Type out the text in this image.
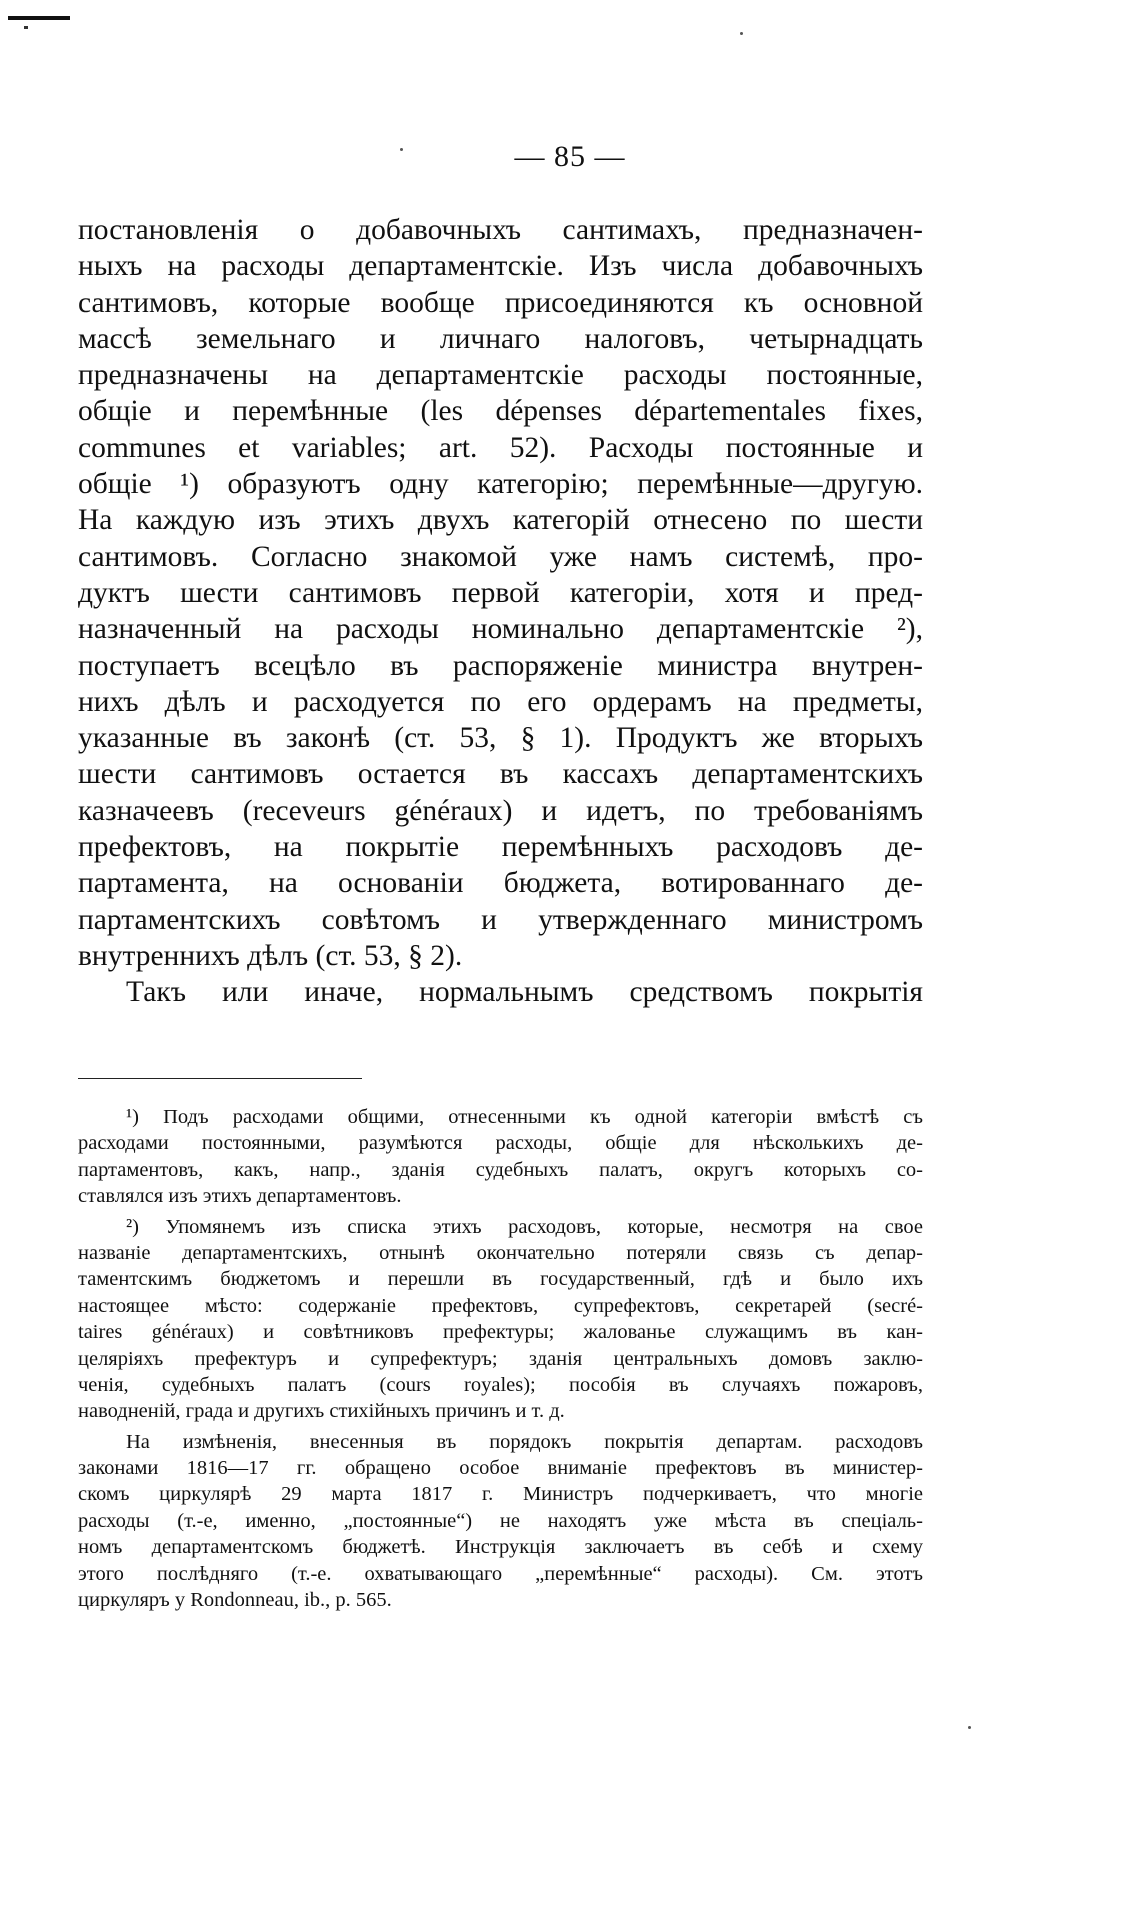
— 85 —
постановленія о добавочныхъ сантимахъ, предназначен-
ныхъ на расходы департаментскіе. Изъ числа добавочныхъ
сантимовъ, которые вообще присоединяются къ основной
массѣ земельнаго и личнаго налоговъ, четырнадцать
предназначены на департаментскіе расходы постоянные,
общіе и перемѣнные (les dépenses départementales fixes,
communes et variables; art. 52). Расходы постоянные и
общіе ¹) образуютъ одну категорію; перемѣнные—другую.
На каждую изъ этихъ двухъ категорій отнесено по шести
сантимовъ. Согласно знакомой уже намъ системѣ, про-
дуктъ шести сантимовъ первой категоріи, хотя и пред-
назначенный на расходы номинально департаментскіе ²),
поступаетъ всецѣло въ распоряженіе министра внутрен-
нихъ дѣлъ и расходуется по его ордерамъ на предметы,
указанные въ законѣ (ст. 53, § 1). Продуктъ же вторыхъ
шести сантимовъ остается въ кассахъ департаментскихъ
казначеевъ (receveurs généraux) и идетъ, по требованіямъ
префектовъ, на покрытіе перемѣнныхъ расходовъ де-
партамента, на основаніи бюджета, вотированнаго де-
партаментскихъ совѣтомъ и утвержденнаго министромъ
внутреннихъ дѣлъ (ст. 53, § 2).
Такъ или иначе, нормальнымъ средствомъ покрытія
¹) Подъ расходами общими, отнесенными къ одной категоріи вмѣстѣ съ
расходами постоянными, разумѣются расходы, общіе для нѣсколькихъ де-
партаментовъ, какъ, напр., зданія судебныхъ палатъ, округъ которыхъ со-
ставлялся изъ этихъ департаментовъ.
²) Упомянемъ изъ списка этихъ расходовъ, которые, несмотря на свое
названіе департаментскихъ, отнынѣ окончательно потеряли связь съ депар-
таментскимъ бюджетомъ и перешли въ государственный, гдѣ и было ихъ
настоящее мѣсто: содержаніе префектовъ, супрефектовъ, секретарей (secré-
taires généraux) и совѣтниковъ префектуры; жалованье служащимъ въ кан-
целяріяхъ префектуръ и супрефектуръ; зданія центральныхъ домовъ заклю-
ченія, судебныхъ палатъ (cours royales); пособія въ случаяхъ пожаровъ,
наводненій, града и другихъ стихійныхъ причинъ и т. д.
На измѣненія, внесенныя въ порядокъ покрытія департам. расходовъ
законами 1816—17 гг. обращено особое вниманіе префектовъ въ министер-
скомъ циркулярѣ 29 марта 1817 г. Министръ подчеркиваетъ, что многіе
расходы (т.-е, именно, „постоянные“) не находятъ уже мѣста въ спеціаль-
номъ департаментскомъ бюджетѣ. Инструкція заключаетъ въ себѣ и схему
этого послѣдняго (т.-е. охватывающаго „перемѣнные“ расходы). См. этотъ
циркуляръ у Rondonneau, ib., p. 565.
